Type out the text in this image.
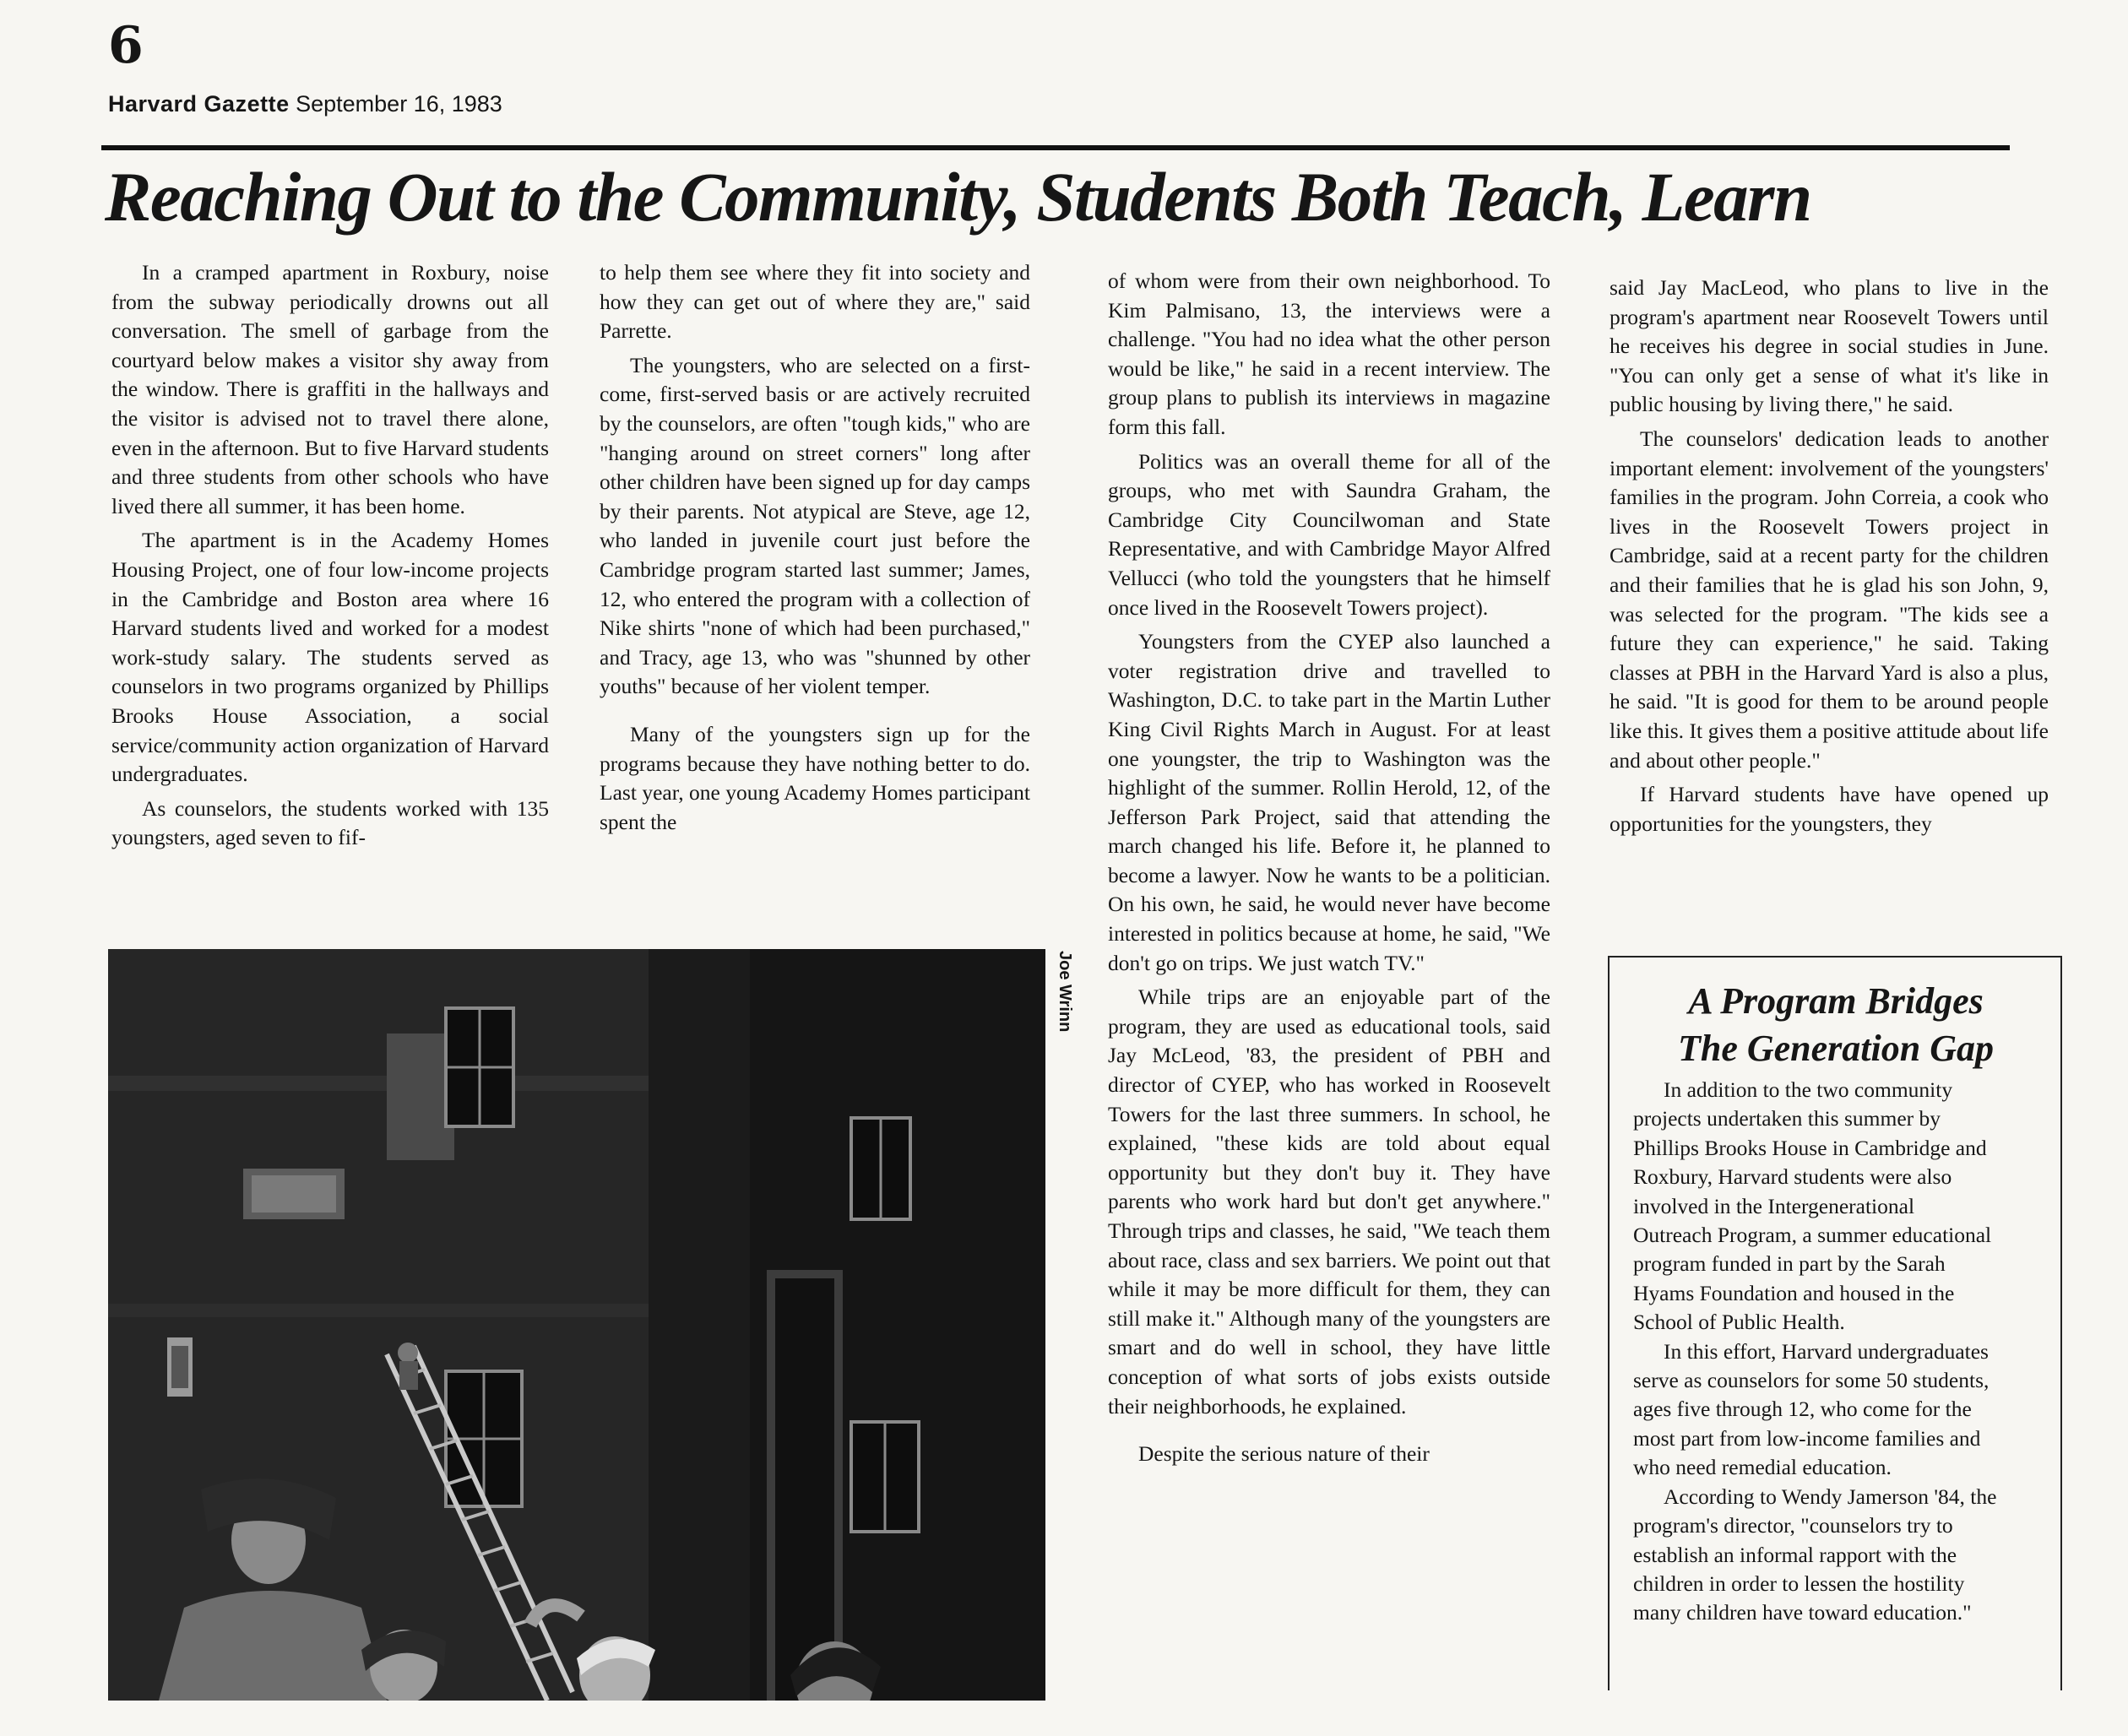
6
Harvard Gazette September 16, 1983
Reaching Out to the Community, Students Both Teach, Learn

In a cramped apartment in Roxbury, noise from the subway periodically drowns out all conversation. The smell of garbage from the courtyard below makes a visitor shy away from the window. There is graffiti in the hallways and the visitor is advised not to travel there alone, even in the afternoon. But to five Harvard students and three students from other schools who have lived there all summer, it has been home.

The apartment is in the Academy Homes Housing Project, one of four low-income projects in the Cambridge and Boston area where 16 Harvard students lived and worked for a modest work-study salary. The students served as counselors in two programs organized by Phillips Brooks House Association, a social service/community action organization of Harvard undergraduates.

As counselors, the students worked with 135 youngsters, aged seven to fif-

to help them see where they fit into society and how they can get out of where they are," said Parrette.

The youngsters, who are selected on a first-come, first-served basis or are actively recruited by the counselors, are often "tough kids," who are "hanging around on street corners" long after other children have been signed up for day camps by their parents. Not atypical are Steve, age 12, who landed in juvenile court just before the Cambridge program started last summer; James, 12, who entered the program with a collection of Nike shirts "none of which had been purchased," and Tracy, age 13, who was "shunned by other youths" because of her violent temper.

Many of the youngsters sign up for the programs because they have nothing better to do. Last year, one young Academy Homes participant spent the

of whom were from their own neighborhood. To Kim Palmisano, 13, the interviews were a challenge. "You had no idea what the other person would be like," he said in a recent interview. The group plans to publish its interviews in magazine form this fall.

Politics was an overall theme for all of the groups, who met with Saundra Graham, the Cambridge City Councilwoman and State Representative, and with Cambridge Mayor Alfred Vellucci (who told the youngsters that he himself once lived in the Roosevelt Towers project).

Youngsters from the CYEP also launched a voter registration drive and travelled to Washington, D.C. to take part in the Martin Luther King Civil Rights March in August. For at least one youngster, the trip to Washington was the highlight of the summer. Rollin Herold, 12, of the Jefferson Park Project, said that attending the march changed his life. Before it, he planned to become a lawyer. Now he wants to be a politician. On his own, he said, he would never have become interested in politics because at home, he said, "We don't go on trips. We just watch TV."

While trips are an enjoyable part of the program, they are used as educational tools, said Jay McLeod, '83, the president of PBH and director of CYEP, who has worked in Roosevelt Towers for the last three summers. In school, he explained, "these kids are told about equal opportunity but they don't buy it. They have parents who work hard but don't get anywhere." Through trips and classes, he said, "We teach them about race, class and sex barriers. We point out that while it may be more difficult for them, they can still make it." Although many of the youngsters are smart and do well in school, they have little conception of what sorts of jobs exists outside their neighborhoods, he explained.

Despite the serious nature of their

said Jay MacLeod, who plans to live in the program's apartment near Roosevelt Towers until he receives his degree in social studies in June. "You can only get a sense of what it's like in public housing by living there," he said.

The counselors' dedication leads to another important element: involvement of the youngsters' families in the program. John Correia, a cook who lives in the Roosevelt Towers project in Cambridge, said at a recent party for the children and their families that he is glad his son John, 9, was selected for the program. "The kids see a future they can experience," he said. Taking classes at PBH in the Harvard Yard is also a plus, he said. "It is good for them to be around people like this. It gives them a positive attitude about life and about other people."

If Harvard students have have opened up opportunities for the youngsters, they

Joe Wrinn	A Program Bridges
The Generation Gap

In addition to the two community projects undertaken this summer by Phillips Brooks House in Cambridge and Roxbury, Harvard students were also involved in the Intergenerational Outreach Program, a summer educational program funded in part by the Sarah Hyams Foundation and housed in the School of Public Health.

In this effort, Harvard undergraduates serve as counselors for some 50 students, ages five through 12, who come for the most part from low-income families and who need remedial education.

According to Wendy Jamerson '84, the program's director, "counselors try to establish an informal rapport with the children in order to lessen the hostility many children have toward education."
